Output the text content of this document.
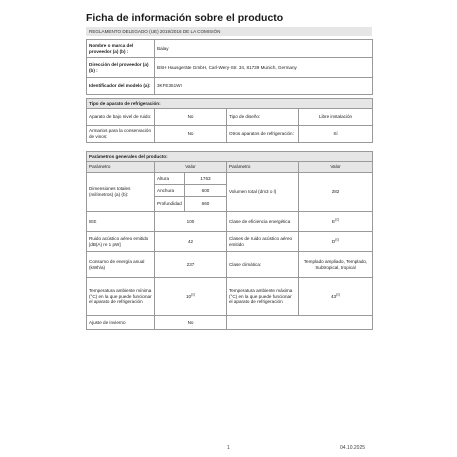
Ficha de información sobre el producto
REGLAMENTO DELEGADO (UE) 2019/2016 DE LA COMISIÓN
Nombre o marca del proveedor (a) (b) :	Balay
Dirección del proveedor (a) (b) :	BSH Hausgeräte GmbH, Carl-Wery-Str. 34, 81739 Munich, Germany
Identificador del modelo (a):	3KFE351WI
Tipo de aparato de refrigeración:			
Aparato de bajo nivel de ruido:	No	Tipo de diseño:	Libre instalación
Armarios para la conservación de vinos:	No	Otros aparatos de refrigeración:	Sí
Parámetros generales del producto:				
Parámetro	Valor		Parámetro	Valor
Dimensiones totales (milímetros) (a) (b):	Altura	1763	Volumen total (dm3 o l)	282
	Anchura	600		
	Profundidad	660		
IEE	100		Clase de eficiencia energética	$E^{(c)}$
Ruido acústico aéreo emitido [dB(A) re 1 pW]	42		Clases de ruido acústico aéreo emitido	$D^{(c)}$
Consumo de energía anual (kWh/a)	237		Clase climática:	Templado ampliado, Templado, Subtropical, tropical
Temperatura ambiente mínima (°C) en la que puede funcionar el aparato de refrigeración	10$^{(c)}$		Temperatura ambiente máxima (°C) en la que puede funcionar el aparato de refrigeración	43$^{(c)}$
Ajuste de invierno	No			
1	04.10.2025
